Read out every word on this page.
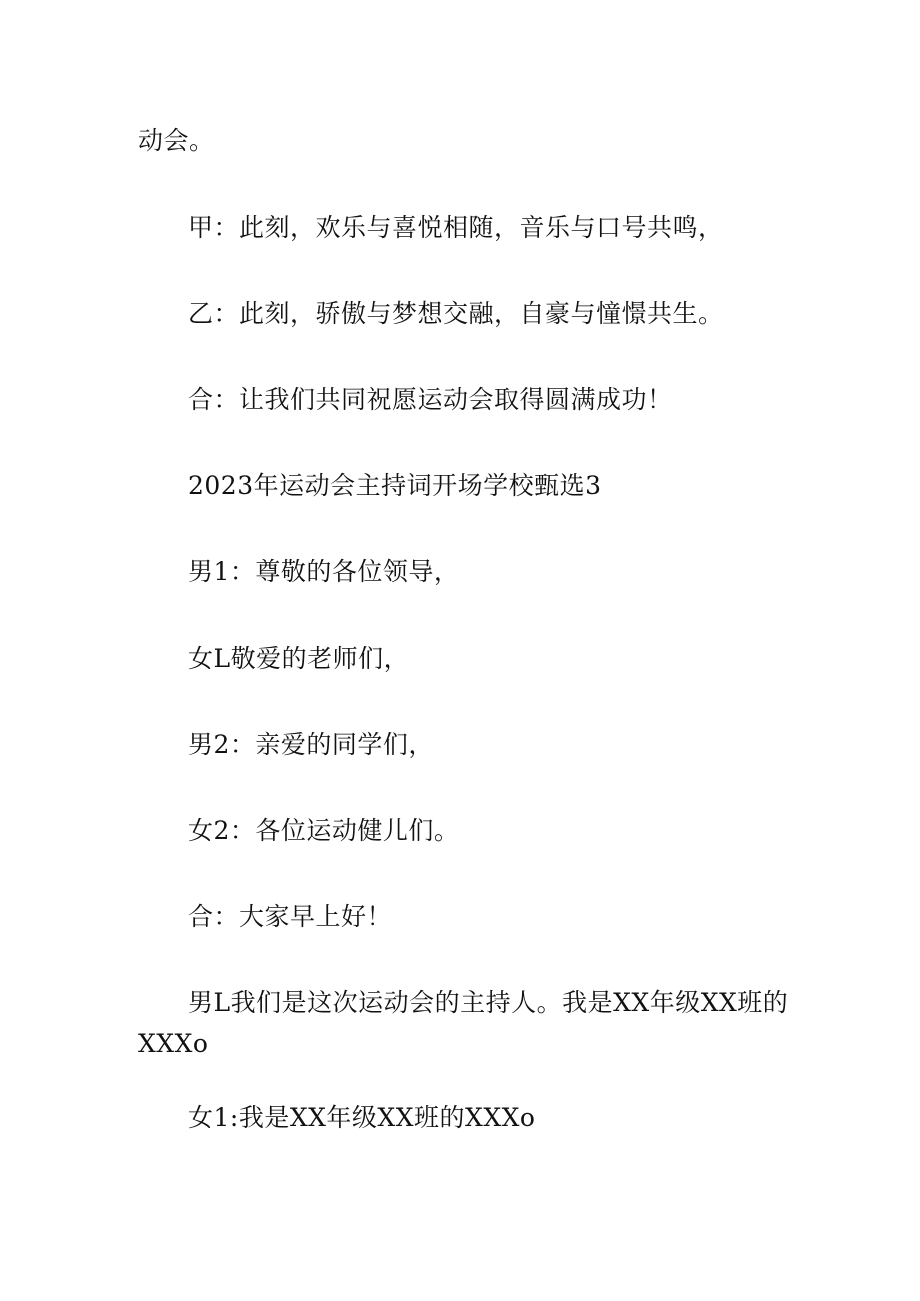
动会。
甲：此刻，欢乐与喜悦相随，音乐与口号共鸣，
乙：此刻，骄傲与梦想交融，自豪与憧憬共生。
合：让我们共同祝愿运动会取得圆满成功！
2023年运动会主持词开场学校甄选3
男1：尊敬的各位领导，
女L敬爱的老师们，
男2：亲爱的同学们，
女2：各位运动健儿们。
合：大家早上好！
男L我们是这次运动会的主持人。我是XX年级XX班的
XXXo
女1:我是XX年级XX班的XXXo
